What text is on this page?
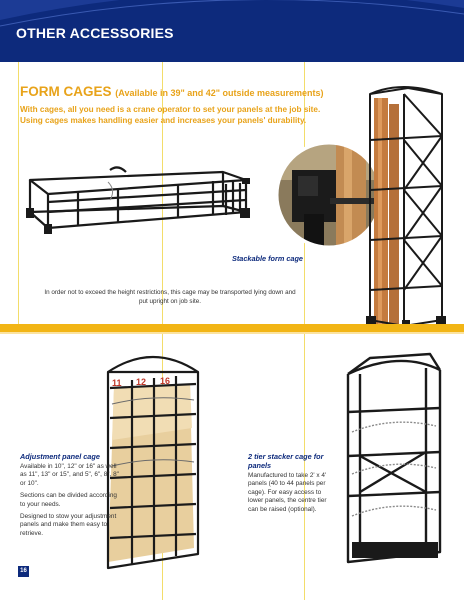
OTHER ACCESSORIES
FORM CAGES (Available in 39" and 42" outside measurements)
With cages, all you need is a crane operator to set your panels at the job site. Using cages makes handling easier and increases your panels' durability.
Stackable form cage
In order not to exceed the height restrictions, this cage may be transported lying down and put upright on job site.
11 12 16
Adjustment panel cage

Available in 10", 12" or 16" as well as 11", 13" or 15", and 5", 6", 8", 8" or 10".

Sections can be divided according to your needs.

Designed to stow your adjustment panels and make them easy to retrieve.

2 tier stacker cage for panels
Manufactured to take 2' x 4' panels (40 to 44 panels per cage). For easy access to lower panels, the centre tier can be raised (optional).
16
